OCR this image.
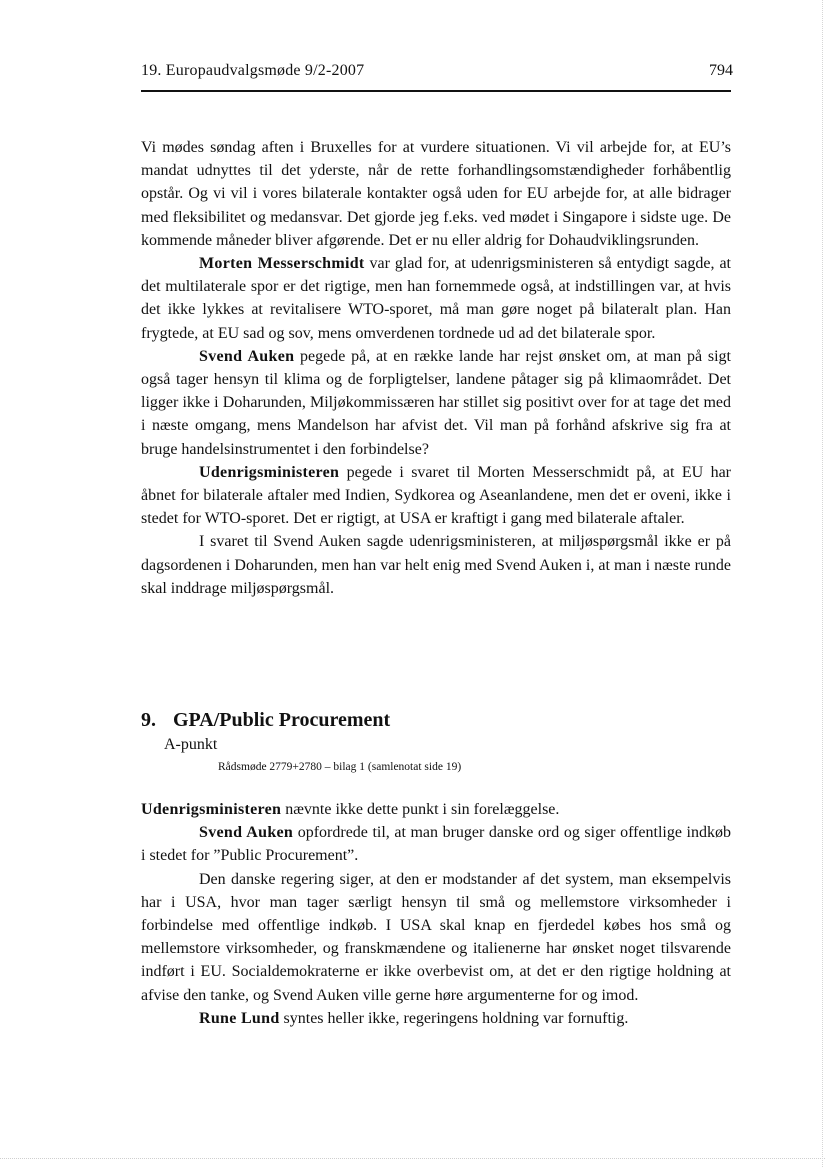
19. Europaudvalgsmøde 9/2-2007	794

Vi mødes søndag aften i Bruxelles for at vurdere situationen. Vi vil arbejde for, at EU’s mandat udnyttes til det yderste, når de rette forhandlingsomstændigheder forhåbentlig opstår. Og vi vil i vores bilaterale kontakter også uden for EU arbejde for, at alle bidrager med fleksibilitet og medansvar. Det gjorde jeg f.eks. ved mødet i Singapore i sidste uge. De kommende måneder bliver afgørende. Det er nu eller aldrig for Dohaudviklingsrunden.

Morten Messerschmidt var glad for, at udenrigsministeren så entydigt sagde, at det multilaterale spor er det rigtige, men han fornemmede også, at indstillingen var, at hvis det ikke lykkes at revitalisere WTO-sporet, må man gøre noget på bilateralt plan. Han frygtede, at EU sad og sov, mens omverdenen tordnede ud ad det bilaterale spor.

Svend Auken pegede på, at en række lande har rejst ønsket om, at man på sigt også tager hensyn til klima og de forpligtelser, landene påtager sig på klimaområdet. Det ligger ikke i Doharunden, Miljøkommissæren har stillet sig positivt over for at tage det med i næste omgang, mens Mandelson har afvist det. Vil man på forhånd afskrive sig fra at bruge handelsinstrumentet i den forbindelse?

Udenrigsministeren pegede i svaret til Morten Messerschmidt på, at EU har åbnet for bilaterale aftaler med Indien, Sydkorea og Aseanlandene, men det er oveni, ikke i stedet for WTO-sporet. Det er rigtigt, at USA er kraftigt i gang med bilaterale aftaler.

I svaret til Svend Auken sagde udenrigsministeren, at miljøspørgsmål ikke er på dagsordenen i Doharunden, men han var helt enig med Svend Auken i, at man i næste runde skal inddrage miljøspørgsmål.

9. GPA/Public Procurement

A-punkt

Rådsmøde 2779+2780 – bilag 1 (samlenotat side 19)

Udenrigsministeren nævnte ikke dette punkt i sin forelæggelse.

Svend Auken opfordrede til, at man bruger danske ord og siger offentlige indkøb i stedet for ”Public Procurement”.

Den danske regering siger, at den er modstander af det system, man eksempelvis har i USA, hvor man tager særligt hensyn til små og mellemstore virksomheder i forbindelse med offentlige indkøb. I USA skal knap en fjerdedel købes hos små og mellemstore virksomheder, og franskmændene og italienerne har ønsket noget tilsvarende indført i EU. Socialdemokraterne er ikke overbevist om, at det er den rigtige holdning at afvise den tanke, og Svend Auken ville gerne høre argumenterne for og imod.

Rune Lund syntes heller ikke, regeringens holdning var fornuftig.
